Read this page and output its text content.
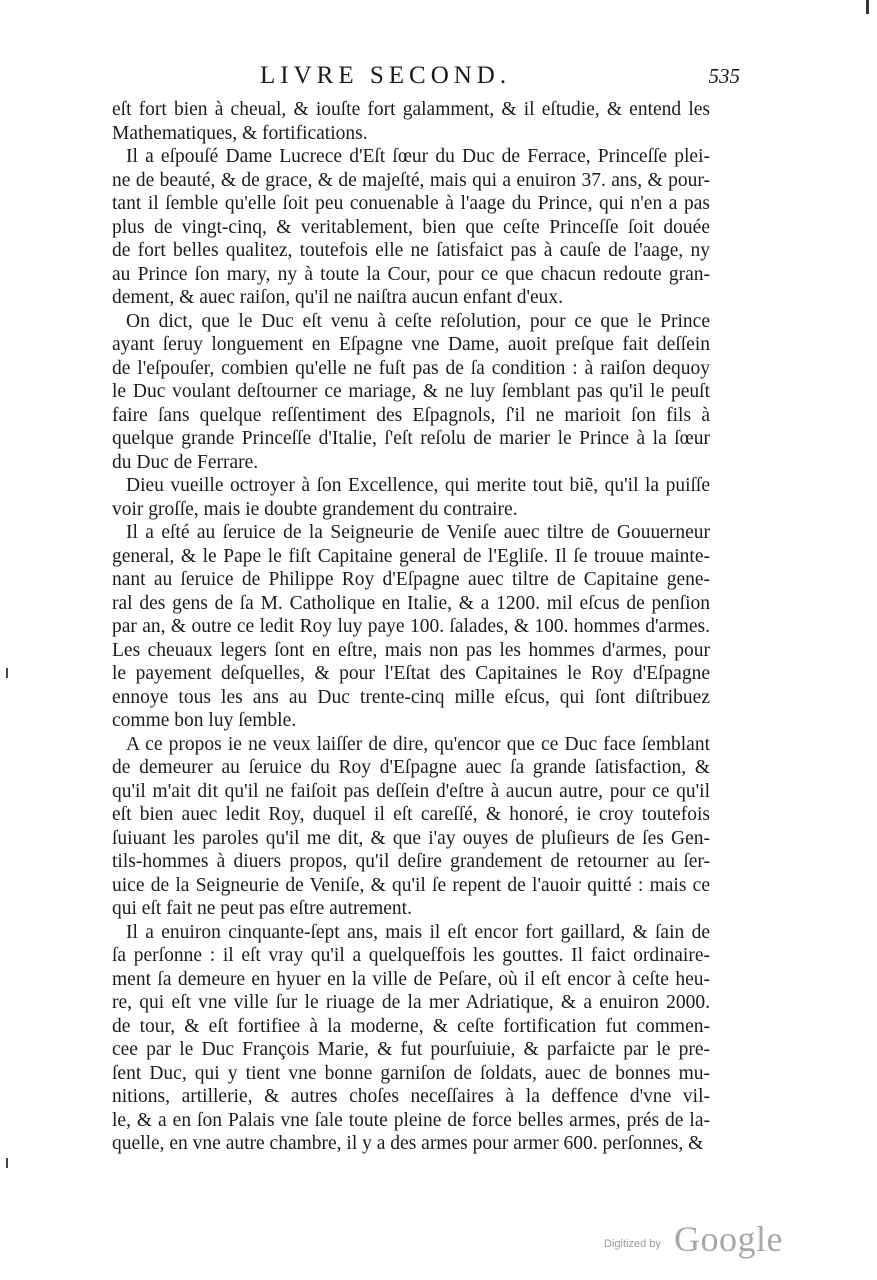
LIVRE SECOND.	535
eſt fort bien à cheual, & iouſte fort galamment, & il eſtudie, & entend les
Mathematiques, & fortifications.
Il a eſpouſé Dame Lucrece d'Eſt ſœur du Duc de Ferrace, Princeſſe plei-
ne de beauté, & de grace, & de majeſté, mais qui a enuiron 37. ans, & pour-
tant il ſemble qu'elle ſoit peu conuenable à l'aage du Prince, qui n'en a pas
plus de vingt-cinq, & veritablement, bien que ceſte Princeſſe ſoit douée
de fort belles qualitez, toutefois elle ne ſatisfaict pas à cauſe de l'aage, ny
au Prince ſon mary, ny à toute la Cour, pour ce que chacun redoute gran-
dement, & auec raiſon, qu'il ne naiſtra aucun enfant d'eux.
On dict, que le Duc eſt venu à ceſte reſolution, pour ce que le Prince
ayant ſeruy longuement en Eſpagne vne Dame, auoit preſque fait deſſein
de l'eſpouſer, combien qu'elle ne fuſt pas de ſa condition : à raiſon dequoy
le Duc voulant deſtourner ce mariage, & ne luy ſemblant pas qu'il le peuſt
faire ſans quelque reſſentiment des Eſpagnols, ſ'il ne marioit ſon fils à
quelque grande Princeſſe d'Italie, ſ'eſt reſolu de marier le Prince à la ſœur
du Duc de Ferrare.
Dieu vueille octroyer à ſon Excellence, qui merite tout biẽ, qu'il la puiſſe
voir groſſe, mais ie doubte grandement du contraire.
Il a eſté au ſeruice de la Seigneurie de Veniſe auec tiltre de Gouuerneur
general, & le Pape le fiſt Capitaine general de l'Egliſe. Il ſe trouue mainte-
nant au ſeruice de Philippe Roy d'Eſpagne auec tiltre de Capitaine gene-
ral des gens de ſa M. Catholique en Italie, & a 1200. mil eſcus de penſion
par an, & outre ce ledit Roy luy paye 100. ſalades, & 100. hommes d'armes.
Les cheuaux legers ſont en eſtre, mais non pas les hommes d'armes, pour
le payement deſquelles, & pour l'Eſtat des Capitaines le Roy d'Eſpagne
ennoye tous les ans au Duc trente-cinq mille eſcus, qui ſont diſtribuez
comme bon luy ſemble.
A ce propos ie ne veux laiſſer de dire, qu'encor que ce Duc face ſemblant
de demeurer au ſeruice du Roy d'Eſpagne auec ſa grande ſatisfaction, &
qu'il m'ait dit qu'il ne faiſoit pas deſſein d'eſtre à aucun autre, pour ce qu'il
eſt bien auec ledit Roy, duquel il eſt careſſé, & honoré, ie croy toutefois
ſuiuant les paroles qu'il me dit, & que i'ay ouyes de pluſieurs de ſes Gen-
tils-hommes à diuers propos, qu'il deſire grandement de retourner au ſer-
uice de la Seigneurie de Veniſe, & qu'il ſe repent de l'auoir quitté : mais ce
qui eſt fait ne peut pas eſtre autrement.
Il a enuiron cinquante-ſept ans, mais il eſt encor fort gaillard, & ſain de
ſa perſonne : il eſt vray qu'il a quelqueſfois les gouttes. Il faict ordinaire-
ment ſa demeure en hyuer en la ville de Peſare, où il eſt encor à ceſte heu-
re, qui eſt vne ville ſur le riuage de la mer Adriatique, & a enuiron 2000.
de tour, & eſt fortifiee à la moderne, & ceſte fortification fut commen-
cee par le Duc François Marie, & fut pourſuiuie, & parfaicte par le pre-
ſent Duc, qui y tient vne bonne garniſon de ſoldats, auec de bonnes mu-
nitions, artillerie, & autres choſes neceſſaires à la deffence d'vne vil-
le, & a en ſon Palais vne ſale toute pleine de force belles armes, prés de la-
quelle, en vne autre chambre, il y a des armes pour armer 600. perſonnes, &
Digitized by Google
